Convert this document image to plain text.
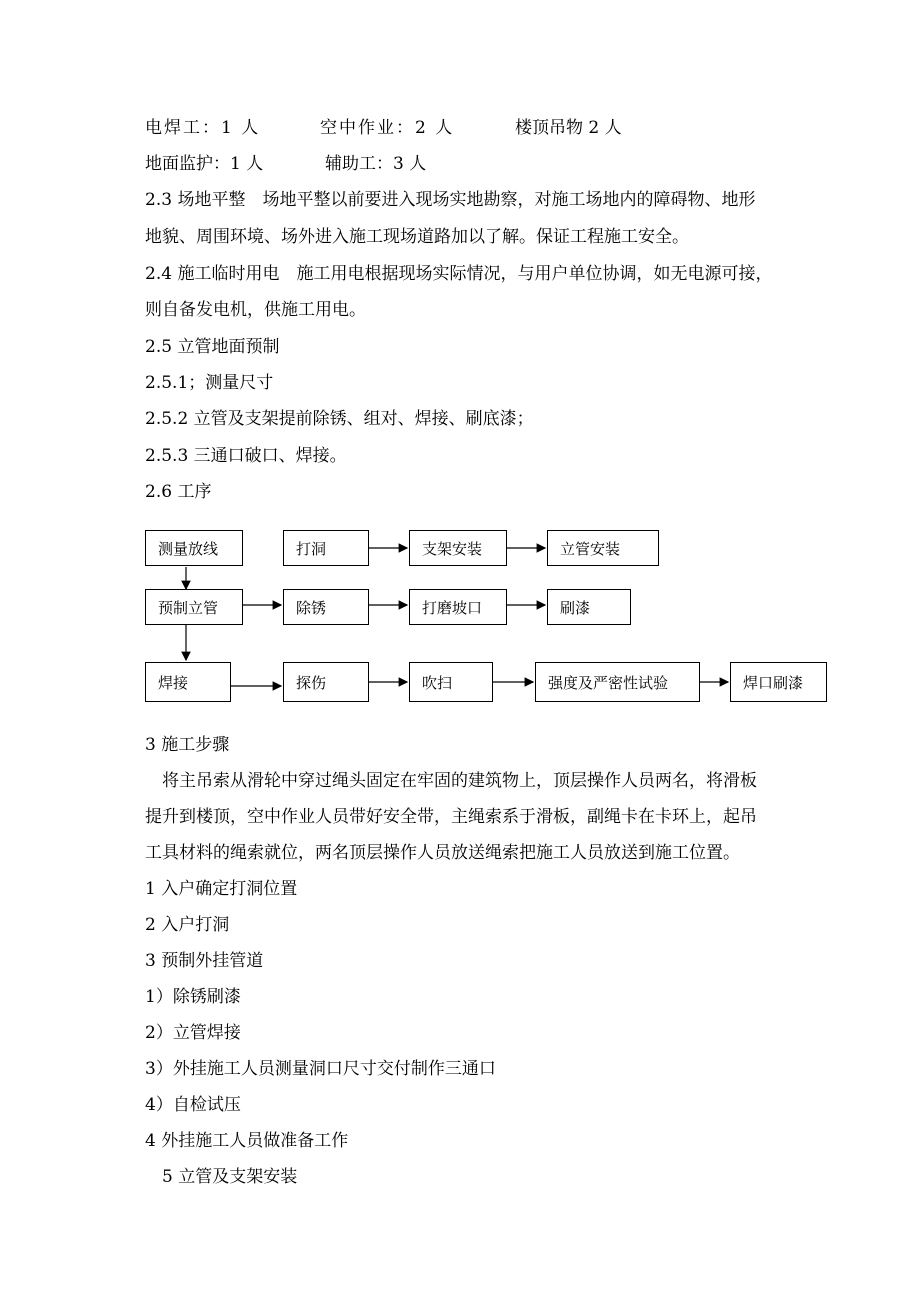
电焊工：1 人	空中作业：2 人	楼顶吊物 2 人
地面监护：1 人	辅助工：3 人
2.3 场地平整　场地平整以前要进入现场实地勘察，对施工场地内的障碍物、地形
地貌、周围环境、场外进入施工现场道路加以了解。保证工程施工安全。
2.4 施工临时用电　施工用电根据现场实际情况，与用户单位协调，如无电源可接，
则自备发电机，供施工用电。
2.5 立管地面预制
2.5.1；测量尺寸
2.5.2 立管及支架提前除锈、组对、焊接、刷底漆；
2.5.3 三通口破口、焊接。
2.6 工序
测量放线	打洞	支架安装	立管安装
预制立管	除锈	打磨坡口	刷漆
焊接	探伤	吹扫	强度及严密性试验	焊口刷漆
3 施工步骤
　将主吊索从滑轮中穿过绳头固定在牢固的建筑物上，顶层操作人员两名，将滑板
提升到楼顶，空中作业人员带好安全带，主绳索系于滑板，副绳卡在卡环上，起吊
工具材料的绳索就位，两名顶层操作人员放送绳索把施工人员放送到施工位置。
1 入户确定打洞位置
2 入户打洞
3 预制外挂管道
1）除锈刷漆
2）立管焊接
3）外挂施工人员测量洞口尺寸交付制作三通口
4）自检试压
4 外挂施工人员做准备工作
　5 立管及支架安装
